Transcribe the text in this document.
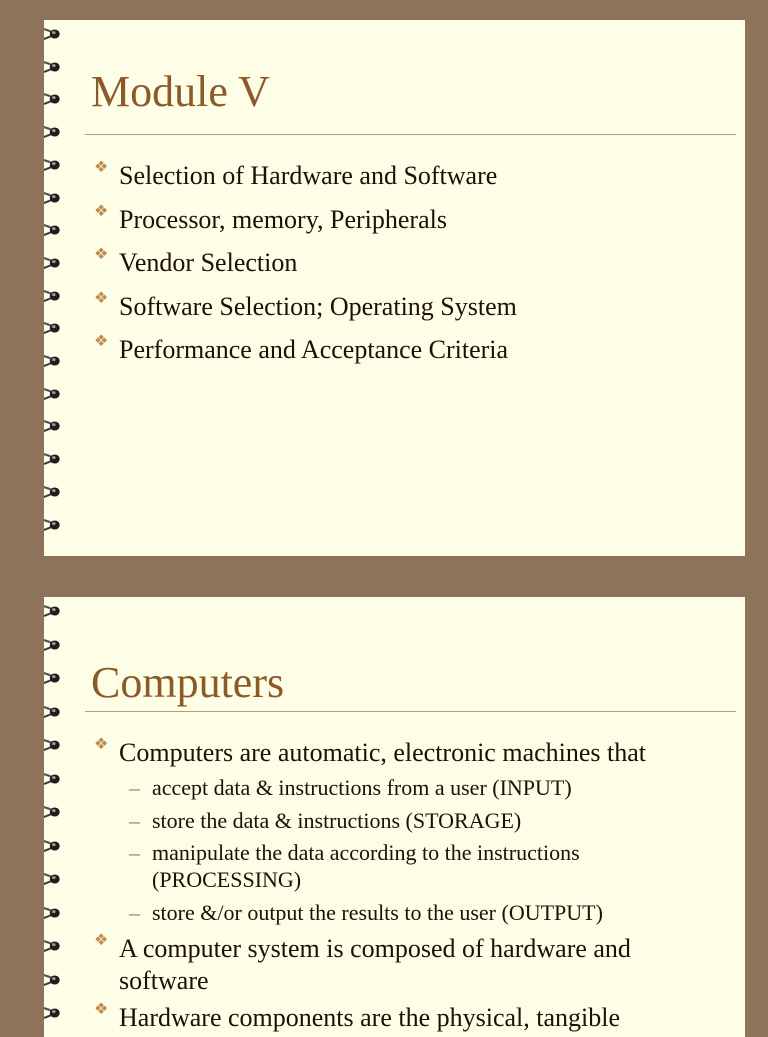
Module V
❖ Selection of Hardware and Software
❖ Processor, memory, Peripherals
❖ Vendor Selection
❖ Software Selection; Operating System
❖ Performance and Acceptance Criteria
Computers
❖ Computers are automatic, electronic machines that
– accept data & instructions from a user (INPUT)
– store the data & instructions (STORAGE)
– manipulate the data according to the instructions (PROCESSING)
– store &/or output the results to the user (OUTPUT)
❖ A computer system is composed of hardware and software
❖ Hardware components are the physical, tangible
